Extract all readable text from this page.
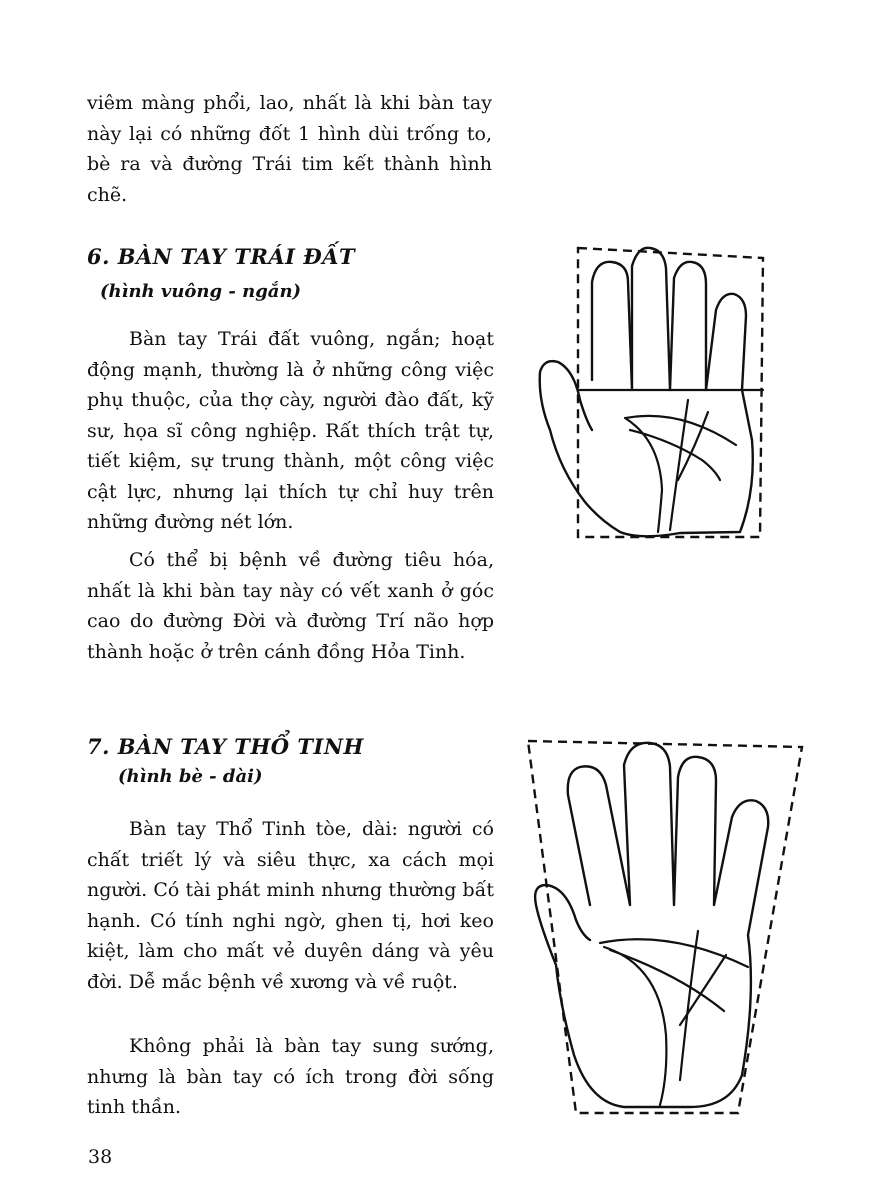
viêm màng phổi, lao, nhất là khi bàn tay này lại có những đốt 1 hình dùi trống to, bè ra và đường Trái tim kết thành hình chẽ.

6. BÀN TAY TRÁI ĐẤT

(hình vuông - ngắn)

Bàn tay Trái đất vuông, ngắn; hoạt động mạnh, thường là ở những công việc phụ thuộc, của thợ cày, người đào đất, kỹ sư, họa sĩ công nghiệp. Rất thích trật tự, tiết kiệm, sự trung thành, một công việc cật lực, nhưng lại thích tự chỉ huy trên những đường nét lớn.

Có thể bị bệnh về đường tiêu hóa, nhất là khi bàn tay này có vết xanh ở góc cao do đường Đời và đường Trí não hợp thành hoặc ở trên cánh đồng Hỏa Tinh.

7. BÀN TAY THỔ TINH

(hình bè - dài)

Bàn tay Thổ Tinh tòe, dài: người có chất triết lý và siêu thực, xa cách mọi người. Có tài phát minh nhưng thường bất hạnh. Có tính nghi ngờ, ghen tị, hơi keo kiệt, làm cho mất vẻ duyên dáng và yêu đời. Dễ mắc bệnh về xương và về ruột.

Không phải là bàn tay sung sướng, nhưng là bàn tay có ích trong đời sống tinh thần.

38
